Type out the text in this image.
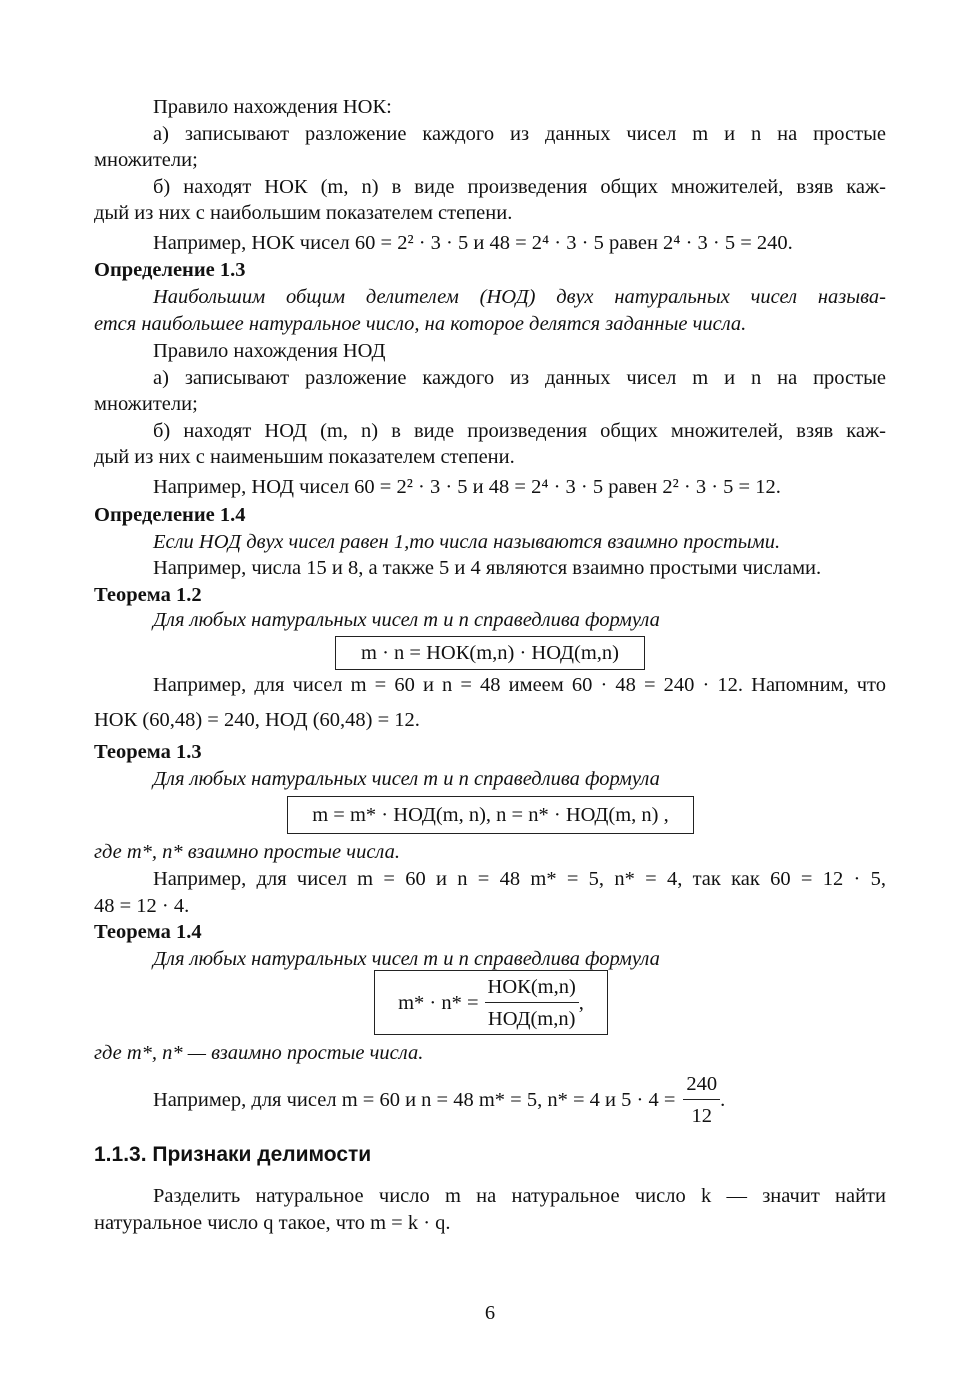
Правило нахождения НОК:
а) записывают разложение каждого из данных чисел m и n на простые
множители;
б) находят НОК (m, n) в виде произведения общих множителей, взяв каж-
дый из них с наибольшим показателем степени.
Например, НОК чисел 60 = 2² · 3 · 5 и 48 = 2⁴ · 3 · 5 равен 2⁴ · 3 · 5 = 240.
Определение 1.3
Наибольшим общим делителем (НОД) двух натуральных чисел называ-
ется наибольшее натуральное число, на которое делятся заданные числа.
Правило нахождения НОД
а) записывают разложение каждого из данных чисел m и n на простые
множители;
б) находят НОД (m, n) в виде произведения общих множителей, взяв каж-
дый из них с наименьшим показателем степени.
Например, НОД чисел 60 = 2² · 3 · 5 и 48 = 2⁴ · 3 · 5 равен 2² · 3 · 5 = 12.
Определение 1.4
Если НОД двух чисел равен 1,то числа называются взаимно простыми.
Например, числа 15 и 8, а также 5 и 4 являются взаимно простыми числами.
Теорема 1.2
Для любых натуральных чисел m и n справедлива формула
m · n = НОК(m,n) · НОД(m,n)
Например, для чисел m = 60 и n = 48 имеем 60 · 48 = 240 · 12. Напомним, что
НОК (60,48) = 240, НОД (60,48) = 12.
Теорема 1.3
Для любых натуральных чисел m и n справедлива формула
m = m* · НОД(m, n), n = n* · НОД(m, n) ,
где m*, n* взаимно простые числа.
Например, для чисел m = 60 и n = 48 m* = 5, n* = 4, так как 60 = 12 · 5,
48 = 12 · 4.
Теорема 1.4
Для любых натуральных чисел m и n справедлива формула
$m* \cdot n* = \frac{\text{НОК(m,n)}}{\text{НОД(m,n)}}$ ,
где m*, n* — взаимно простые числа.
Например, для чисел m = 60 и n = 48 m* = 5, n* = 4 и $5 \cdot 4 = \frac{240}{12}$ .
1.1.3. Признаки делимости
Разделить натуральное число m на натуральное число k — значит найти
натуральное число q такое, что m = k · q.
6
